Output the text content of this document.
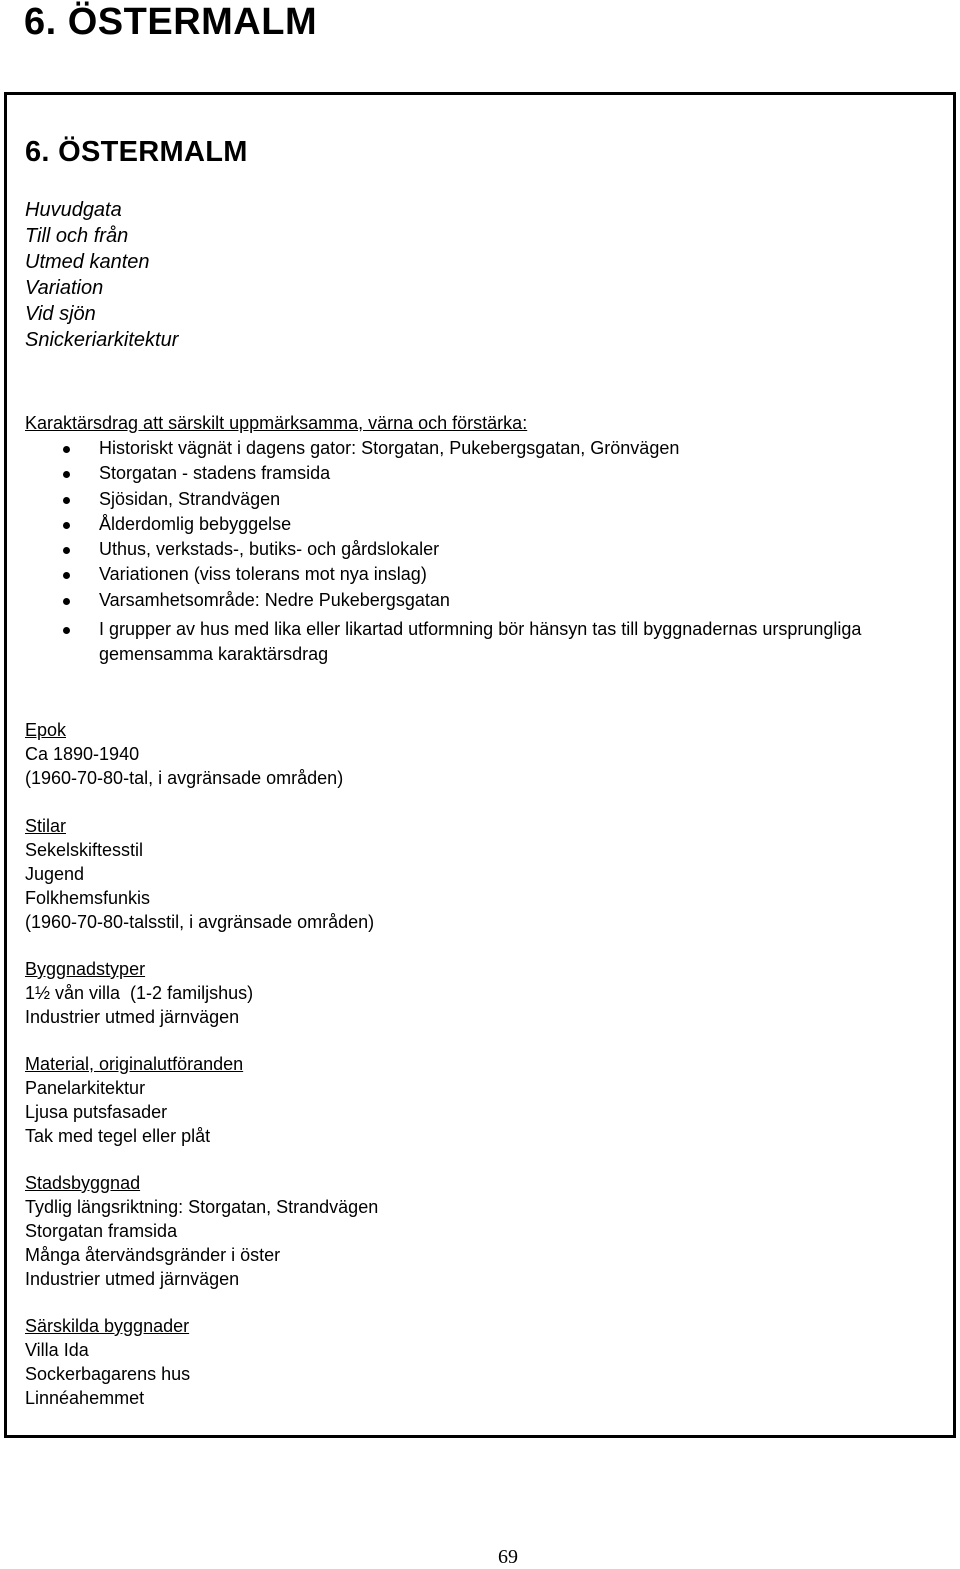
6. ÖSTERMALM
6. ÖSTERMALM
Huvudgata
Till och från
Utmed kanten
Variation
Vid sjön
Snickeriarkitektur
Karaktärsdrag att särskilt uppmärksamma, värna och förstärka:
Historiskt vägnät i dagens gator: Storgatan, Pukebergsgatan, Grönvägen
Storgatan - stadens framsida
Sjösidan, Strandvägen
Ålderdomlig bebyggelse
Uthus, verkstads-, butiks- och gårdslokaler
Variationen (viss tolerans mot nya inslag)
Varsamhetsområde: Nedre Pukebergsgatan
I grupper av hus med lika eller likartad utformning bör hänsyn tas till byggnadernas ursprungliga gemensamma karaktärsdrag
Epok
Ca 1890-1940
(1960-70-80-tal, i avgränsade områden)
Stilar
Sekelskiftesstil
Jugend
Folkhemsfunkis
(1960-70-80-talsstil, i avgränsade områden)
Byggnadstyper
1½ vån villa  (1-2 familjshus)
Industrier utmed järnvägen
Material, originalutföranden
Panelarkitektur
Ljusa putsfasader
Tak med tegel eller plåt
Stadsbyggnad
Tydlig längsriktning: Storgatan, Strandvägen
Storgatan framsida
Många återvändsgränder i öster
Industrier utmed järnvägen
Särskilda byggnader
Villa Ida
Sockerbagarens hus
Linnéahemmet
69
